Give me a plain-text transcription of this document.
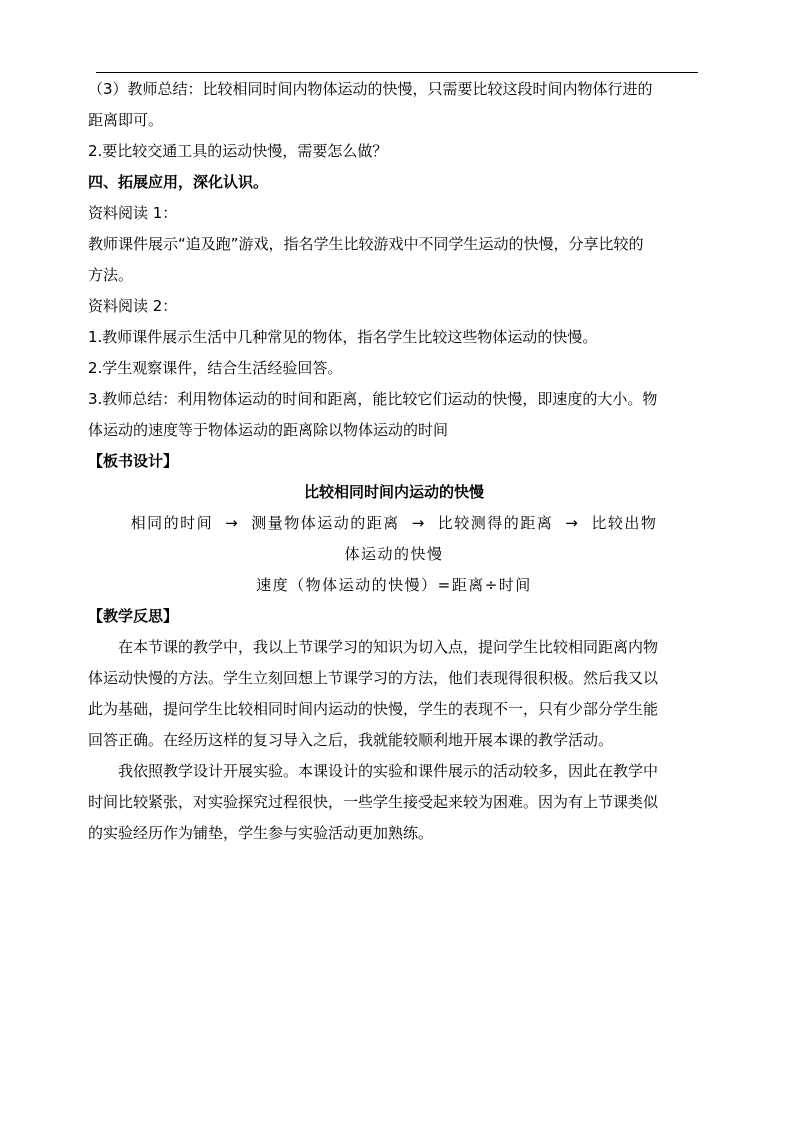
（3）教师总结：比较相同时间内物体运动的快慢，只需要比较这段时间内物体行进的

距离即可。

2.要比较交通工具的运动快慢，需要怎么做？

四、拓展应用，深化认识。

资料阅读 1：

教师课件展示“追及跑”游戏，指名学生比较游戏中不同学生运动的快慢，分享比较的

方法。

资料阅读 2：

1.教师课件展示生活中几种常见的物体，指名学生比较这些物体运动的快慢。

2.学生观察课件，结合生活经验回答。

3.教师总结：利用物体运动的时间和距离，能比较它们运动的快慢，即速度的大小。物

体运动的速度等于物体运动的距离除以物体运动的时间

【板书设计】

比较相同时间内运动的快慢

相同的时间 → 测量物体运动的距离 → 比较测得的距离 → 比较出物

体运动的快慢

速度（物体运动的快慢）=距离÷时间

【教学反思】

在本节课的教学中，我以上节课学习的知识为切入点，提问学生比较相同距离内物

体运动快慢的方法。学生立刻回想上节课学习的方法，他们表现得很积极。然后我又以

此为基础，提问学生比较相同时间内运动的快慢，学生的表现不一，只有少部分学生能

回答正确。在经历这样的复习导入之后，我就能较顺利地开展本课的教学活动。

我依照教学设计开展实验。本课设计的实验和课件展示的活动较多，因此在教学中

时间比较紧张，对实验探究过程很快，一些学生接受起来较为困难。因为有上节课类似

的实验经历作为铺垫，学生参与实验活动更加熟练。
